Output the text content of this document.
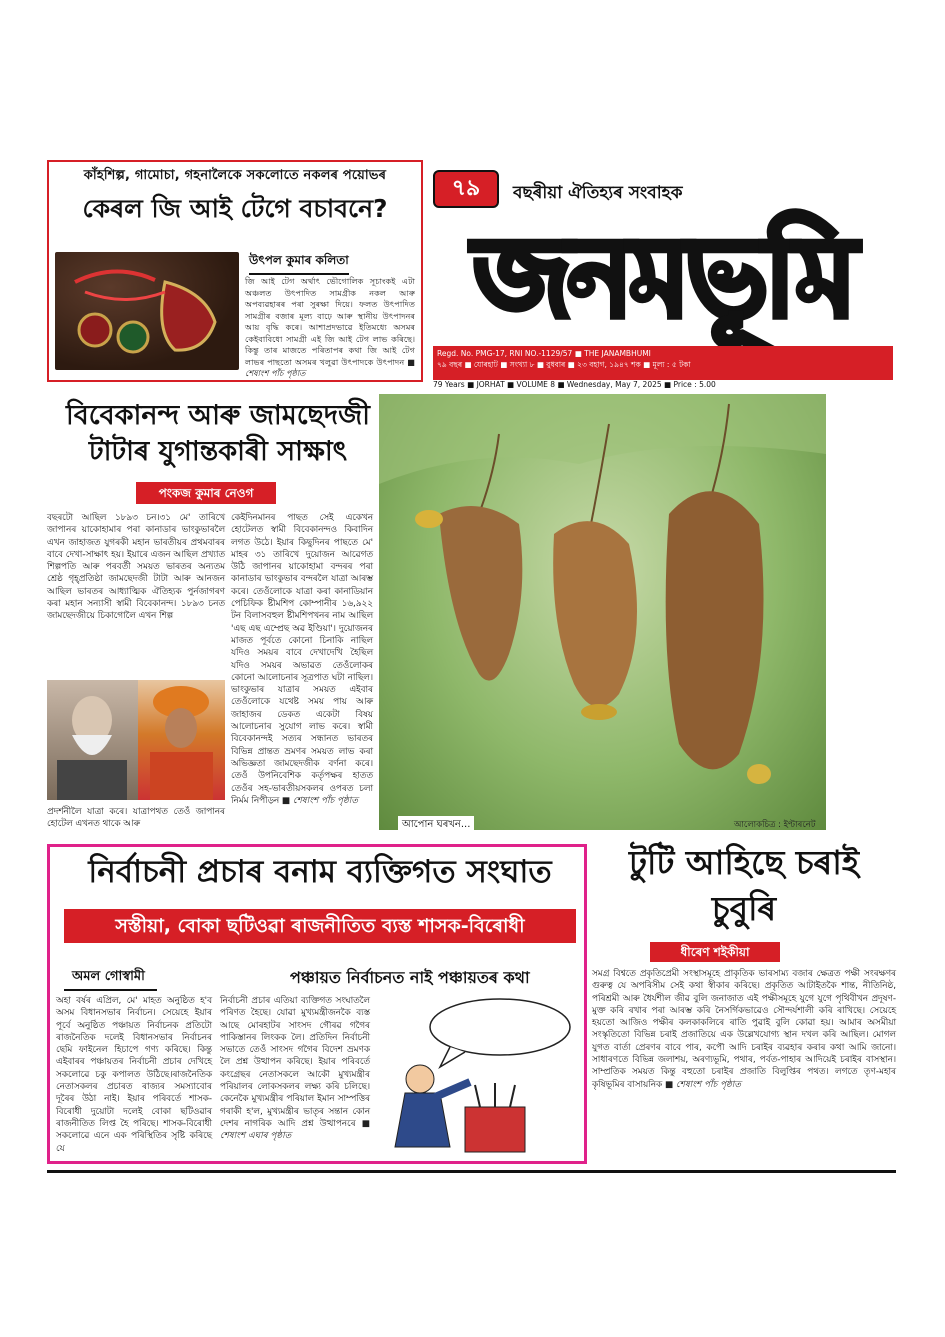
কাঁহশিল্প, গামোচা, গহনালৈকে সকলোতে নকলৰ পয়োভৰ
কেৰল জি আই টেগে বচাবনে?
উৎপল কুমাৰ কলিতা
জি আই টেগ অৰ্থাৎ ভৌগোলিক সূচাংকই এটা অঞ্চলত উৎপাদিত সামগ্ৰীক নকল আৰু অপব্যৱহাৰৰ পৰা সুৰক্ষা দিয়ে। ফলত উৎপাদিত সামগ্ৰীৰ বজাৰ মূল্য বাঢ়ে আৰু স্থানীয় উৎপাদনৰ আয় বৃদ্ধি কৰে। আশাপ্ৰদভাৱে ইতিমধ্যে অসমৰ কেইবাবিধো সামগ্ৰী এই জি আই টেগ লাভ কৰিছে। কিন্তু তাৰ মাজতে পৰিতাপৰ কথা জি আই টেগ লাভৰ পাছতো অসমৰ খলুৱা উৎপাদকে উৎপাদন ■ শেষাংশ পাঁচ পৃষ্ঠাত
৭৯	বছৰীয়া ঐতিহ্যৰ সংবাহক
জনমভূমি
Regd. No. PMG-17, RNI NO.-1129/57 ■ THE JANAMBHUMI
৭৯ বছৰ ■ যোৰহাট ■ সংখ্যা ৮ ■ বুধবাৰ ■ ২৩ বহাগ, ১৯৪৭ শক ■ মূল্য : ৫ টকা
79 Years ■ JORHAT ■ VOLUME 8 ■ Wednesday, May 7, 2025 ■ Price : 5.00
বিবেকানন্দ আৰু জামছেদজী টাটাৰ যুগান্তকাৰী সাক্ষাৎ
পংকজ কুমাৰ নেওগ
বছৰটো আছিল ১৮৯৩ চন।৩১ মে' তাৰিখে জাপানৰ য়াকোহামাৰ পৰা কানাডাৰ ভাংকুভাৰলৈ এখন জাহাজত যুগৰকী মহান ভাৰতীয়ৰ প্ৰথমবাৰৰ বাবে দেখা-সাক্ষাৎ হয়। ইয়াৰে এজন আছিল প্ৰখ্যাত শিল্পপতি আৰু পৰবৰ্তী সময়ত ভাৰতৰ অন্যতম শ্ৰেষ্ঠ গৃহ্প্ৰতিষ্ঠা জামছেদজী টাটা আৰু আনজন আছিল ভাৰতৰ আধ্যাত্মিক ঐতিহ্যক পুৰ্নজাগৰণ কৰা মহান সন্যাসী স্বামী বিবেকানন্দ। ১৮৯৩ চনত জামছেদজীয়ে চিকাগোলৈ এখন শিল্প
প্ৰদৰ্শনীলৈ যাত্ৰা কৰে। যাত্ৰাপথত তেওঁ জাপানৰ হোটেল এখনত থাকে আৰু
কেইদিনমানৰ পাছত সেই একেখন হোটেলত স্বামী বিবেকানন্দও কিবাদিন লগত উঠে। ইয়াৰ কিছুদিনৰ পাছতে মে' মাহৰ ৩১ তাৰিখে দুয়োজন আৱেগত উঠি জাপানৰ য়াকোহামা বন্দৰৰ পৰা কানাডাৰ ভাংকুভাৰ বন্দৰলৈ যাত্ৰা আৰম্ভ কৰে। তেওঁলোকে যাত্ৰা কৰা কানাডিয়ান পেচিফিক ষ্টীমশিপ কোম্পানীৰ ১৬,৯২২ টন বিলাসবহুল ষ্টীমশিপখনৰ নাম আছিল 'এছ এছ এম্প্ৰেছ অৱ ইণ্ডিয়া'। দুয়োজনৰ মাজত পূৰ্বতে কোনো চিনাকি নাছিল যদিও সময়ৰ বাবে দেখাদেখি হৈছিল যদিও সময়ৰ অভাৱত তেওঁলোকৰ কোনো আলোচনাৰ সূত্ৰপাত ঘটা নাছিল। ভাংকুভাৰ যাত্ৰাৰ সময়ত এইবাৰ তেওঁলোকে যথেষ্ট সময় পায় আৰু জাহাজৰ ডেকত একেটা বিষয় আলোচনাৰ সুযোগ লাভ কৰে। স্বামী বিবেকানন্দই সত্যৰ সন্ধানত ভাৰতৰ বিভিন্ন প্ৰান্তত ভ্ৰমণৰ সময়ত লাভ কৰা অভিজ্ঞতা জামছেদজীক বৰ্ণনা কৰে। তেওঁ উপনিবেশিক কৰ্তৃপক্ষৰ হাতত তেওঁৰ সহ-ভাৰতীয়সকলৰ ওপৰত চলা নিৰ্মম নিপীড়ন ■ শেষাংশ পাঁচ পৃষ্ঠাত
আপোন ঘৰখন...	আলোকচিত্ৰ : ইণ্টাৰনেট
নিৰ্বাচনী প্ৰচাৰ বনাম ব্যক্তিগত সংঘাত
সস্তীয়া, বোকা ছটিওৱা ৰাজনীতিত ব্যস্ত শাসক-বিৰোধী
অমল গোস্বামী	পঞ্চায়ত নিৰ্বাচনত নাই পঞ্চায়তৰ কথা
অহা বৰ্ষৰ এপ্ৰিল, মে' মাহত অনুষ্ঠিত হ'ব অসম বিধানসভাৰ নিৰ্বাচন। সেয়েহে ইয়াৰ পূৰ্বে অনুষ্ঠিত পঞ্চায়ত নিৰ্বাচনক প্ৰতিটো ৰাজনৈতিক দলেই বিধানসভাৰ নিৰ্বাচনৰ ছেমি ফাইনেল হিচাপে গণ্য কৰিছে। কিন্তু এইবাৰৰ পঞ্চায়তৰ নিৰ্বাচনী প্ৰচাৰ দেখিহে সকলোৱে চকু কপালত উঠিছে।ৰাজনৈতিক নেতাসকলৰ প্ৰচাৰত ৰাজ্যৰ সমস্যাবোৰ দূৰৈৰ উঠা নাই। ইয়াৰ পৰিবৰ্তে শাসক-বিৰোধী দুয়োটা দলেই বোকা ছটিওৱাৰ ৰাজনীতিত লিপ্ত হৈ পৰিছে। শাসক-বিৰোধী সকলোৱে এনে এক পৰিস্থিতিৰ সৃষ্টি কৰিছে যে
নিৰ্বাচনী প্ৰচাৰ এতিয়া ব্যক্তিগত সংঘাতলৈ পৰিণত হৈছে। যোৱা মুখ্যমন্ত্ৰীজনকৈ ব্যস্ত আছে মোৰহাটৰ সাংসদ গৌৰৱ গগৈৰ পাকিস্তানৰ লিংকক লৈ। প্ৰতিদিন নিৰ্বাচনী সভাতে তেওঁ সাংসদ গগৈৰ বিদেশ ভ্ৰমণক লৈ প্ৰশ্ন উত্থাপন কৰিছে। ইয়াৰ পৰিবৰ্তে কংগ্ৰেছৰ নেতাসকলে আকৌ মুখ্যমন্ত্ৰীৰ পৰিয়ালৰ লোকসকলৰ লক্ষ্য কৰি চলিছে। কেনেকৈ মুখ্যমন্ত্ৰীৰ পৰিয়াল ইমান সাম্পত্তিৰ গৰাকী হ'ল, মুখ্যমন্ত্ৰীৰ ভাতৃৰ সন্তান কোন দেশৰ নাগৰিক আদি প্ৰশ্ন উত্থাপনৰে ■ শেষাংশ এঘাৰ পৃষ্ঠাত
টুটি আহিছে চৰাই চুবুৰি
ধীৰেণ শইকীয়া
সমগ্ৰ বিশ্বতে প্ৰকৃতিপ্ৰেমী সংস্থাসমূহে প্ৰাকৃতিক ভাৰসাম্য বজাৰ ক্ষেত্ৰত পক্ষী সংৰক্ষণৰ গুৰুত্ব যে অপৰিসীম সেই কথা স্বীকাৰ কৰিছে। প্ৰকৃতিত আটাইতকৈ শান্ত, নীতিনিষ্ঠ, পৰিশ্ৰমী আৰু ধৈৰ্যশীল জীৱ বুলি জনাজাত এই পক্ষীসমূহে যুগে যুগে পৃথিবীখন প্ৰদূষণ-মুক্ত কৰি ৰখাৰ পৰা আৰম্ভ কৰি নৈসৰ্গিকভাৱেও সৌন্দৰ্যশালী কৰি ৰাখিছে। সেয়েহে হয়তো আজিও পক্ষীৰ কলকাকলিৰে ৰাতি পুৱাই বুলি কোৱা হয়। আমাৰ অসমীয়া সংস্কৃতিতো বিভিন্ন চৰাই প্ৰজাতিয়ে এক উল্লেখযোগ্য স্থান দখল কৰি আছিল। মোগল যুগত বাৰ্তা প্ৰেৰণৰ বাবে পাৰ, কপৌ আদি চৰাইৰ ব্যৱহাৰ কৰাৰ কথা আমি জানো। সাধাৰণতে বিভিন্ন জলাশয়, অৰণ্যভূমি, পথাৰ, পৰ্বত-পাহাৰ আদিয়েই চৰাইৰ বাসস্থান। সাম্প্ৰতিক সময়ত কিন্তু বহুতো চৰাইৰ প্ৰজাতি বিলুপ্তিৰ পথত। লগতে তৃণ-মহাৰ কৃষিভূমিৰ বাসায়নিক ■ শেষাংশ পাঁচ পৃষ্ঠাত
